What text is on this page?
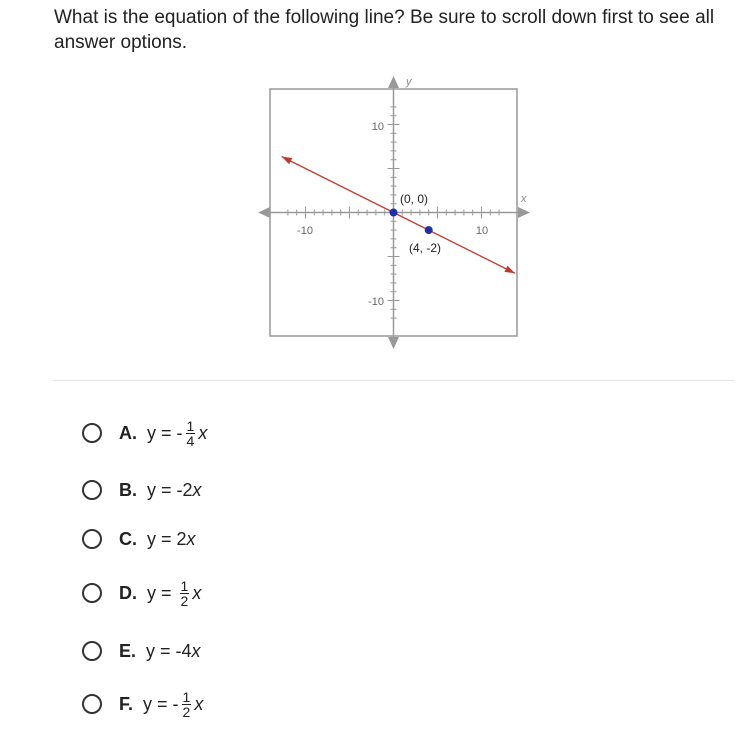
What is the equation of the following line? Be sure to scroll down first to see all answer options.

y
x
-10	10
10
-10
(0, 0)
(4, -2)
A. y = - $\frac{1}{4}$ x
B. y = -2 x
C. y = 2 x
D. $y = \frac{1}{2}$ x
E. y = -4 x
F. y = - $\frac{1}{2}$ x
